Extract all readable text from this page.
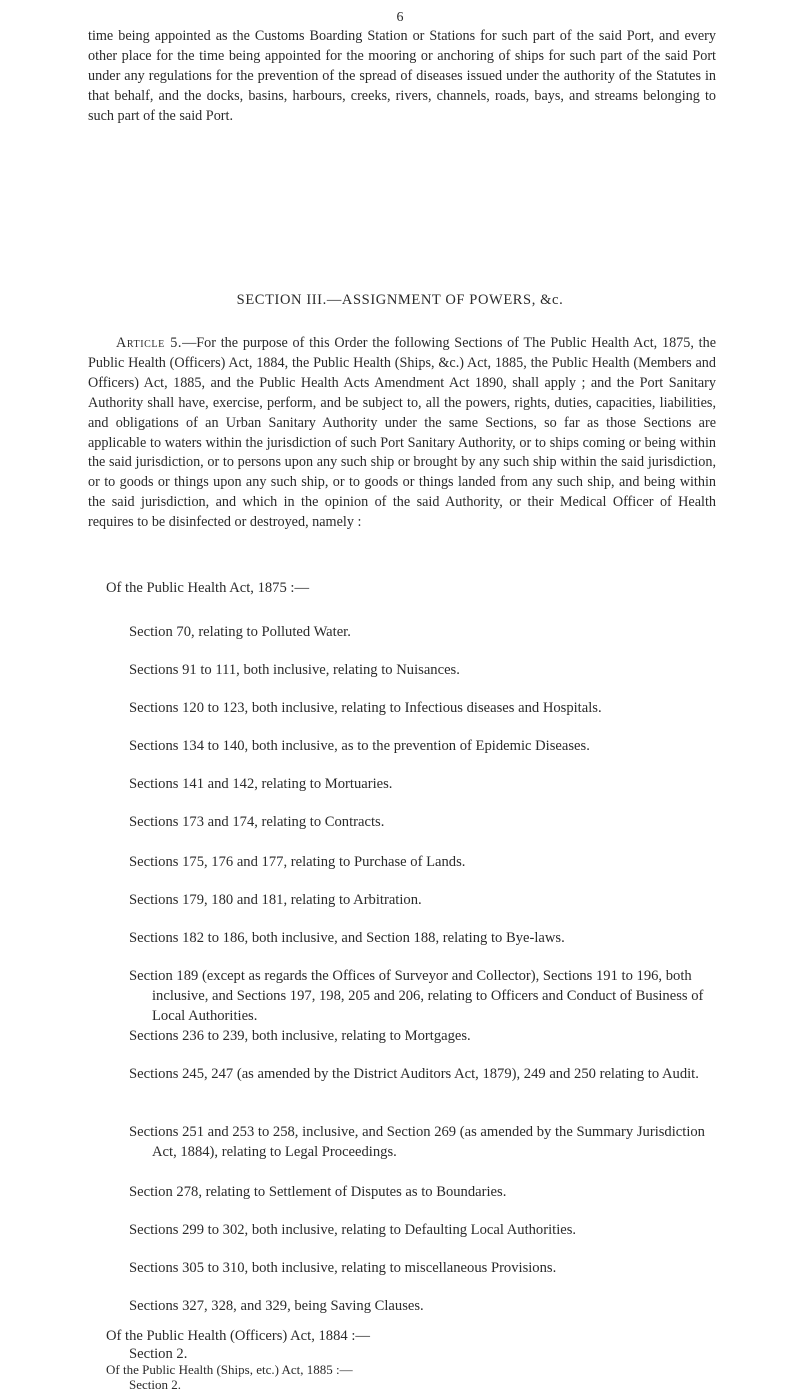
6
time being appointed as the Customs Boarding Station or Stations for such part of the said Port, and every other place for the time being appointed for the mooring or anchoring of ships for such part of the said Port under any regulations for the prevention of the spread of diseases issued under the authority of the Statutes in that behalf, and the docks, basins, harbours, creeks, rivers, channels, roads, bays, and streams belonging to such part of the said Port.
SECTION III.—ASSIGNMENT OF POWERS, &c.
Article 5.—For the purpose of this Order the following Sections of The Public Health Act, 1875, the Public Health (Officers) Act, 1884, the Public Health (Ships, &c.) Act, 1885, the Public Health (Members and Officers) Act, 1885, and the Public Health Acts Amendment Act 1890, shall apply ; and the Port Sanitary Authority shall have, exercise, perform, and be subject to, all the powers, rights, duties, capacities, liabilities, and obligations of an Urban Sanitary Authority under the same Sections, so far as those Sections are applicable to waters within the jurisdiction of such Port Sanitary Authority, or to ships coming or being within the said jurisdiction, or to persons upon any such ship or brought by any such ship within the said jurisdiction, or to goods or things upon any such ship, or to goods or things landed from any such ship, and being within the said jurisdiction, and which in the opinion of the said Authority, or their Medical Officer of Health requires to be disinfected or destroyed, namely :
Of the Public Health Act, 1875 :—
Section 70, relating to Polluted Water.
Sections 91 to 111, both inclusive, relating to Nuisances.
Sections 120 to 123, both inclusive, relating to Infectious diseases and Hospitals.
Sections 134 to 140, both inclusive, as to the prevention of Epidemic Diseases.
Sections 141 and 142, relating to Mortuaries.
Sections 173 and 174, relating to Contracts.
Sections 175, 176 and 177, relating to Purchase of Lands.
Sections 179, 180 and 181, relating to Arbitration.
Sections 182 to 186, both inclusive, and Section 188, relating to Bye-laws.
Section 189 (except as regards the Offices of Surveyor and Collector), Sections 191 to 196, both inclusive, and Sections 197, 198, 205 and 206, relating to Officers and Conduct of Business of Local Authorities.
Sections 236 to 239, both inclusive, relating to Mortgages.
Sections 245, 247 (as amended by the District Auditors Act, 1879), 249 and 250 relating to Audit.
Sections 251 and 253 to 258, inclusive, and Section 269 (as amended by the Summary Jurisdiction Act, 1884), relating to Legal Proceedings.
Section 278, relating to Settlement of Disputes as to Boundaries.
Sections 299 to 302, both inclusive, relating to Defaulting Local Authorities.
Sections 305 to 310, both inclusive, relating to miscellaneous Provisions.
Sections 327, 328, and 329, being Saving Clauses.
Of the Public Health (Officers) Act, 1884 :—
Section 2.
Of the Public Health (Ships, etc.) Act, 1885 :—
Section 2.
